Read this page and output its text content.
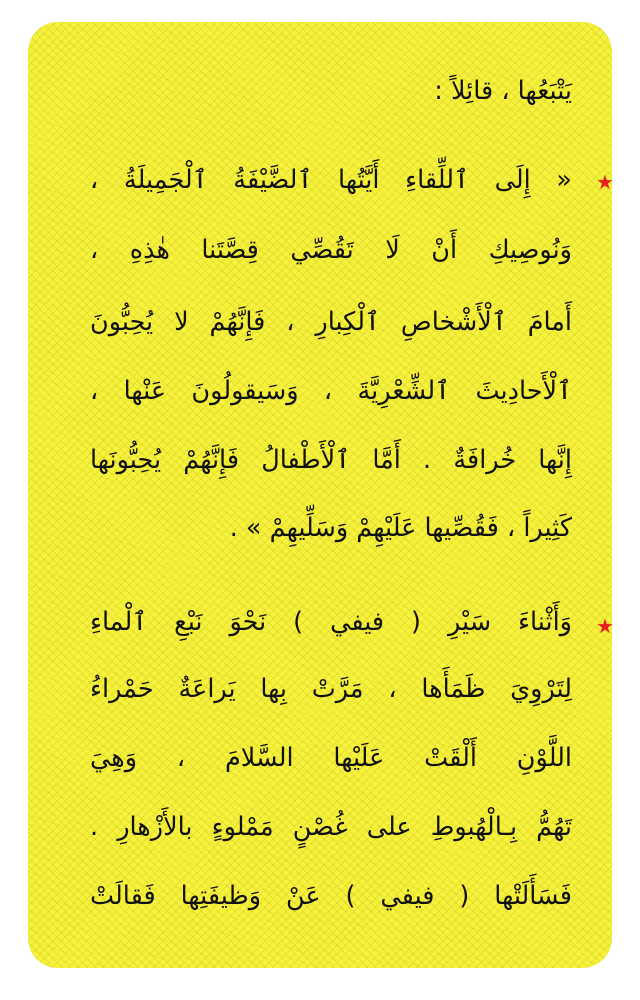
يَتْبَعُها ، قائِلاً :
★
« إِلَى ٱللِّقاءِ أَيَّتُها ٱلضَّيْفَةُ ٱلْجَمِيلَةُ ،
وَنُوصِيكِ أَنْ لَا تَقُصِّي قِصَّتَنا هٰذِهِ ،
أَمامَ ٱلْأَشْخاصِ ٱلْكِبارِ ، فَإِنَّهُمْ لا يُحِبُّونَ
ٱلْأَحادِيثَ ٱلشِّعْرِيَّةَ ، وَسَيقولُونَ عَنْها ،
إِنَّها خُرافَةٌ . أَمَّا ٱلْأَطْفالُ فَإِنَّهُمْ يُحِبُّونَها
كَثِيراً ، فَقُصِّيها عَلَيْهِمْ وَسَلِّيهِمْ » .
★
وَأَثْناءَ سَيْرِ ( فيفي ) نَحْوَ نَبْعِ ٱلْماءِ
لِتَرْوِيَ ظَمَأَها ، مَرَّتْ بِها يَراعَةٌ حَمْراءُ
اللَّوْنِ أَلْقَتْ عَلَيْها السَّلامَ ، وَهِيَ
تَهُمُّ بِـالْهُبوطِ على غُصْنٍ مَمْلوءٍ بالأَزْهارِ .
فَسَأَلَتْها ( فيفي ) عَنْ وَظيفَتِها فَقالَتْ
